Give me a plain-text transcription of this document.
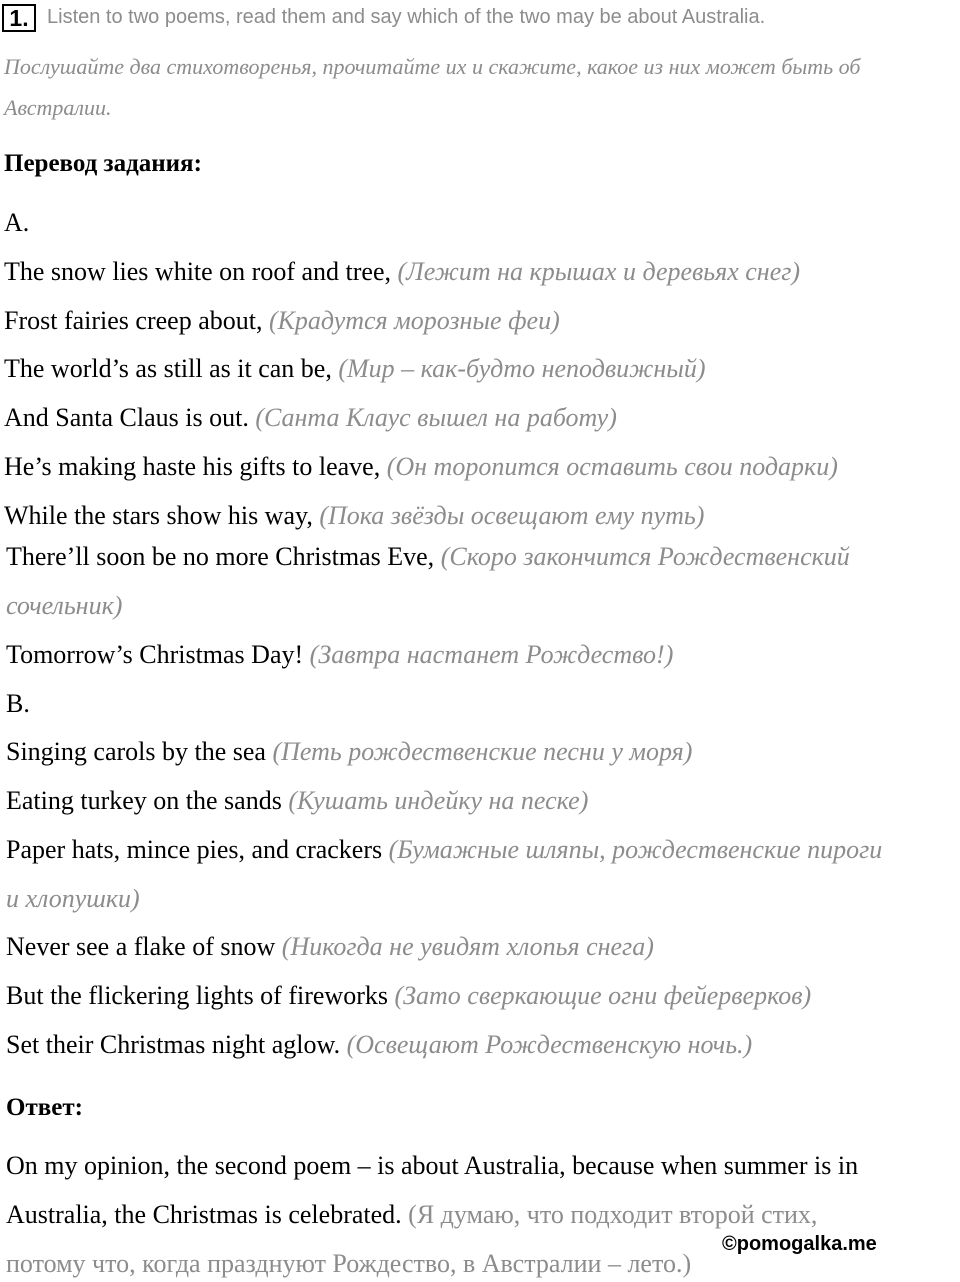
1. Listen to two poems, read them and say which of the two may be about Australia.
Послушайте два стихотворенья, прочитайте их и скажите, какое из них может быть об
Австралии.
Перевод задания:
A.
The snow lies white on roof and tree, (Лежит на крышах и деревьях снег)
Frost fairies creep about, (Крадутся морозные феи)
The world’s as still as it can be, (Мир – как-будто неподвижный)
And Santa Claus is out. (Санта Клаус вышел на работу)
He’s making haste his gifts to leave, (Он торопится оставить свои подарки)
While the stars show his way, (Пока звёзды освещают ему путь)
There’ll soon be no more Christmas Eve, (Скоро закончится Рождественский
сочельник)
Tomorrow’s Christmas Day! (Завтра настанет Рождество!)
B.
Singing carols by the sea (Петь рождественские песни у моря)
Eating turkey on the sands (Кушать индейку на песке)
Paper hats, mince pies, and crackers (Бумажные шляпы, рождественские пироги
и хлопушки)
Never see a flake of snow (Никогда не увидят хлопья снега)
But the flickering lights of fireworks (Зато сверкающие огни фейерверков)
Set their Christmas night aglow. (Освещают Рождественскую ночь.)
Ответ:
On my opinion, the second poem – is about Australia, because when summer is in
Australia, the Christmas is celebrated. (Я думаю, что подходит второй стих,
потому что, когда празднуют Рождество, в Австралии – лето.)
©pomogalka.me
